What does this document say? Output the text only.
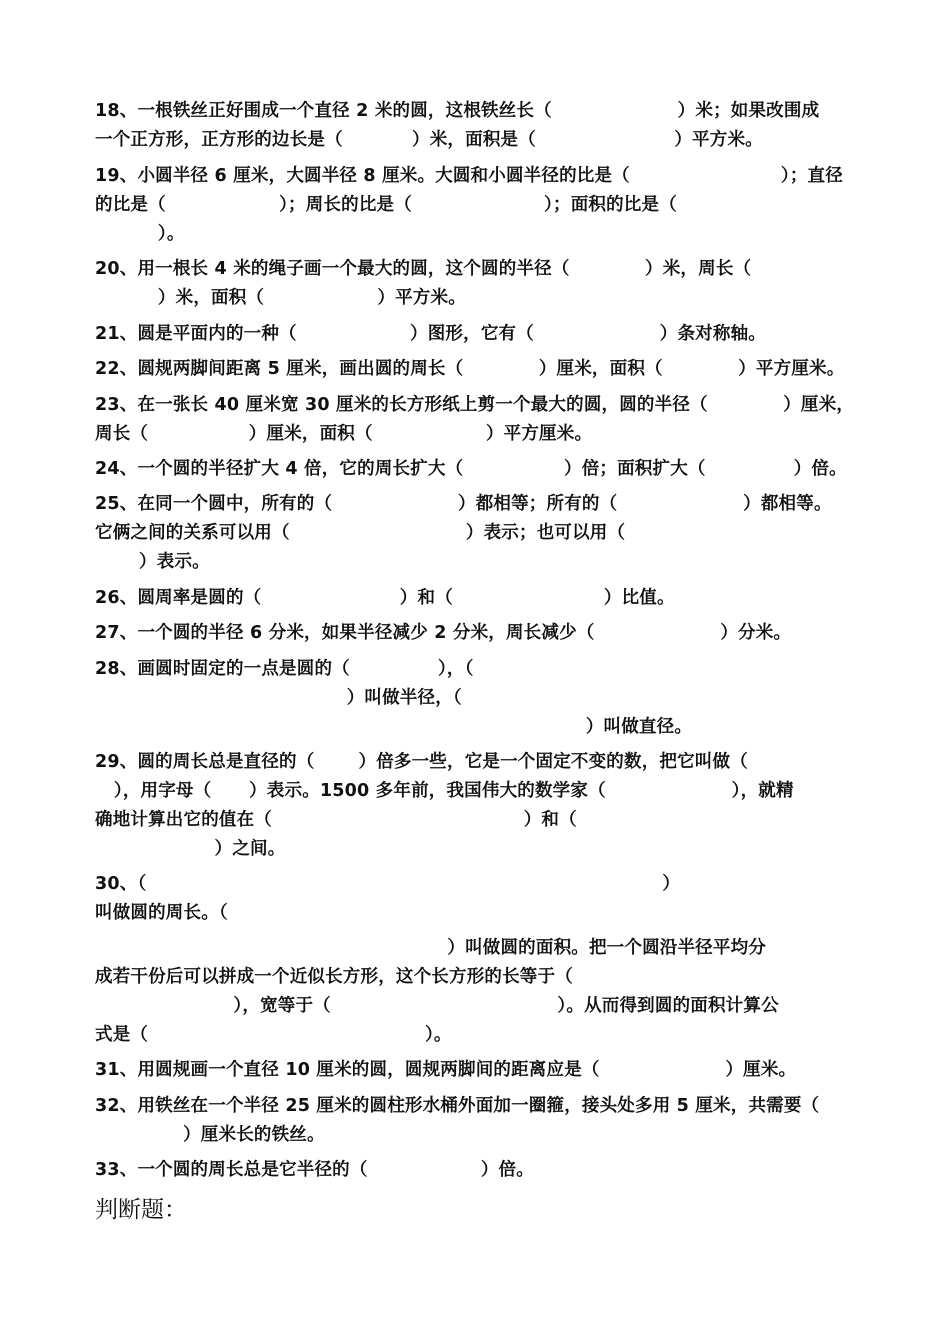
18、一根铁丝正好围成一个直径 2 米的圆，这根铁丝长（                    ）米；如果改围成
一个正方形，正方形的边长是（           ）米，面积是（                      ）平方米。
19、小圆半径 6 厘米，大圆半径 8 厘米。大圆和小圆半径的比是（                        ）；直径
的比是（                  ）；周长的比是（                     ）；面积的比是（
）。
20、用一根长 4 米的绳子画一个最大的圆，这个圆的半径（            ）米，周长（
）米，面积（                  ）平方米。
21、圆是平面内的一种（                  ）图形，它有（                    ）条对称轴。
22、圆规两脚间距离 5 厘米，画出圆的周长（            ）厘米，面积（            ）平方厘米。
23、在一张长 40 厘米宽 30 厘米的长方形纸上剪一个最大的圆，圆的半径（            ）厘米，
周长（                ）厘米，面积（                  ）平方厘米。
24、一个圆的半径扩大 4 倍，它的周长扩大（                ）倍；面积扩大（              ）倍。
25、在同一个圆中，所有的（                    ）都相等；所有的（                    ）都相等。
它俩之间的关系可以用（                            ）表示；也可以用（
）表示。
26、圆周率是圆的（                      ）和（                        ）比值。
27、一个圆的半径 6 分米，如果半径减少 2 分米，周长减少（                    ）分米。
28、画圆时固定的一点是圆的（              ），（
）叫做半径，（
）叫做直径。
29、圆的周长总是直径的（       ）倍多一些，它是一个固定不变的数，把它叫做（
），用字母（      ）表示。1500 多年前，我国伟大的数学家（                    ），就精
确地计算出它的值在（                                        ）和（
）之间。
30、（                                                                                  ）
叫做圆的周长。（
）叫做圆的面积。把一个圆沿半径平均分
成若干份后可以拼成一个近似长方形，这个长方形的长等于（
），宽等于（                                    ）。从而得到圆的面积计算公
式是（                                            ）。
31、用圆规画一个直径 10 厘米的圆，圆规两脚间的距离应是（                    ）厘米。
32、用铁丝在一个半径 25 厘米的圆柱形水桶外面加一圈箍，接头处多用 5 厘米，共需要（
）厘米长的铁丝。
33、一个圆的周长总是它半径的（                  ）倍。
判断题：
